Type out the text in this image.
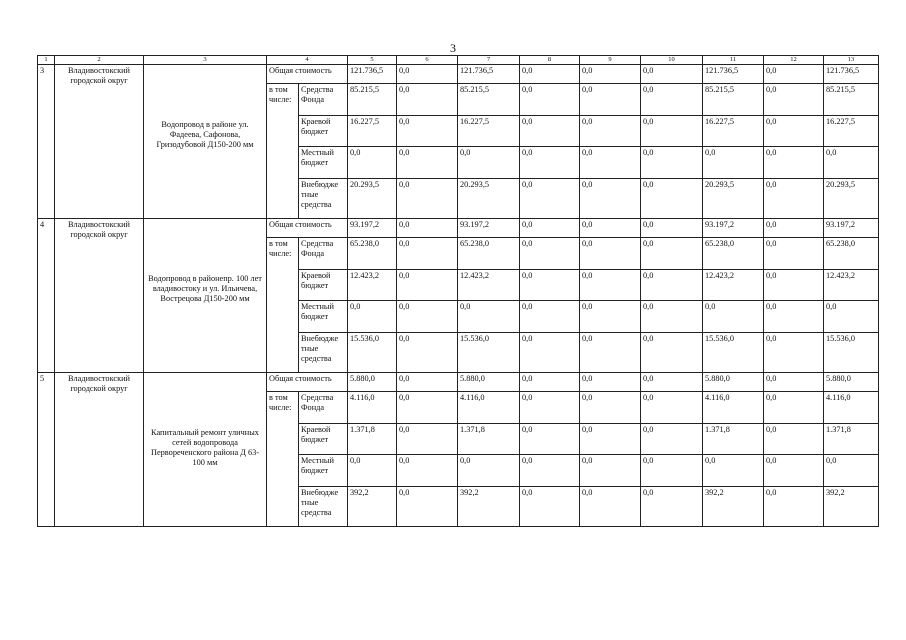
3
1	2	3	4		5	6	7	8	9	10	11	12	13
3	Владивостокский городской округ	Водопровод в районе ул. Фадеева, Сафонова, Гризодубовой Д150-200 мм	Общая стоимость		121.736,5	0,0	121.736,5	0,0	0,0	0,0	121.736,5	0,0	121.736,5
			в том числе:	Средства Фонда	85.215,5	0,0	85.215,5	0,0	0,0	0,0	85.215,5	0,0	85.215,5
				Краевой бюджет	16.227,5	0,0	16.227,5	0,0	0,0	0,0	16.227,5	0,0	16.227,5
				Местный бюджет	0,0	0,0	0,0	0,0	0,0	0,0	0,0	0,0	0,0
				Внебюдже тные средства	20.293,5	0,0	20.293,5	0,0	0,0	0,0	20.293,5	0,0	20.293,5
4	Владивостокский городской округ	Водопровод в районепр. 100 лет владивостоку и ул. Ильичева, Вострецова Д150-200 мм	Общая стоимость		93.197,2	0,0	93.197,2	0,0	0,0	0,0	93.197,2	0,0	93.197,2
			в том числе:	Средства Фонда	65.238,0	0,0	65.238,0	0,0	0,0	0,0	65.238,0	0,0	65.238,0
				Краевой бюджет	12.423,2	0,0	12.423,2	0,0	0,0	0,0	12.423,2	0,0	12.423,2
				Местный бюджет	0,0	0,0	0,0	0,0	0,0	0,0	0,0	0,0	0,0
				Внебюдже тные средства	15.536,0	0,0	15.536,0	0,0	0,0	0,0	15.536,0	0,0	15.536,0
5	Владивостокский городской округ	Капитальный ремонт уличных сетей водопровода Первореченского района Д 63-100 мм	Общая стоимость		5.880,0	0,0	5.880,0	0,0	0,0	0,0	5.880,0	0,0	5.880,0
			в том числе:	Средства Фонда	4.116,0	0,0	4.116,0	0,0	0,0	0,0	4.116,0	0,0	4.116,0
				Краевой бюджет	1.371,8	0,0	1.371,8	0,0	0,0	0,0	1.371,8	0,0	1.371,8
				Местный бюджет	0,0	0,0	0,0	0,0	0,0	0,0	0,0	0,0	0,0
				Внебюдже тные средства	392,2	0,0	392,2	0,0	0,0	0,0	392,2	0,0	392,2
